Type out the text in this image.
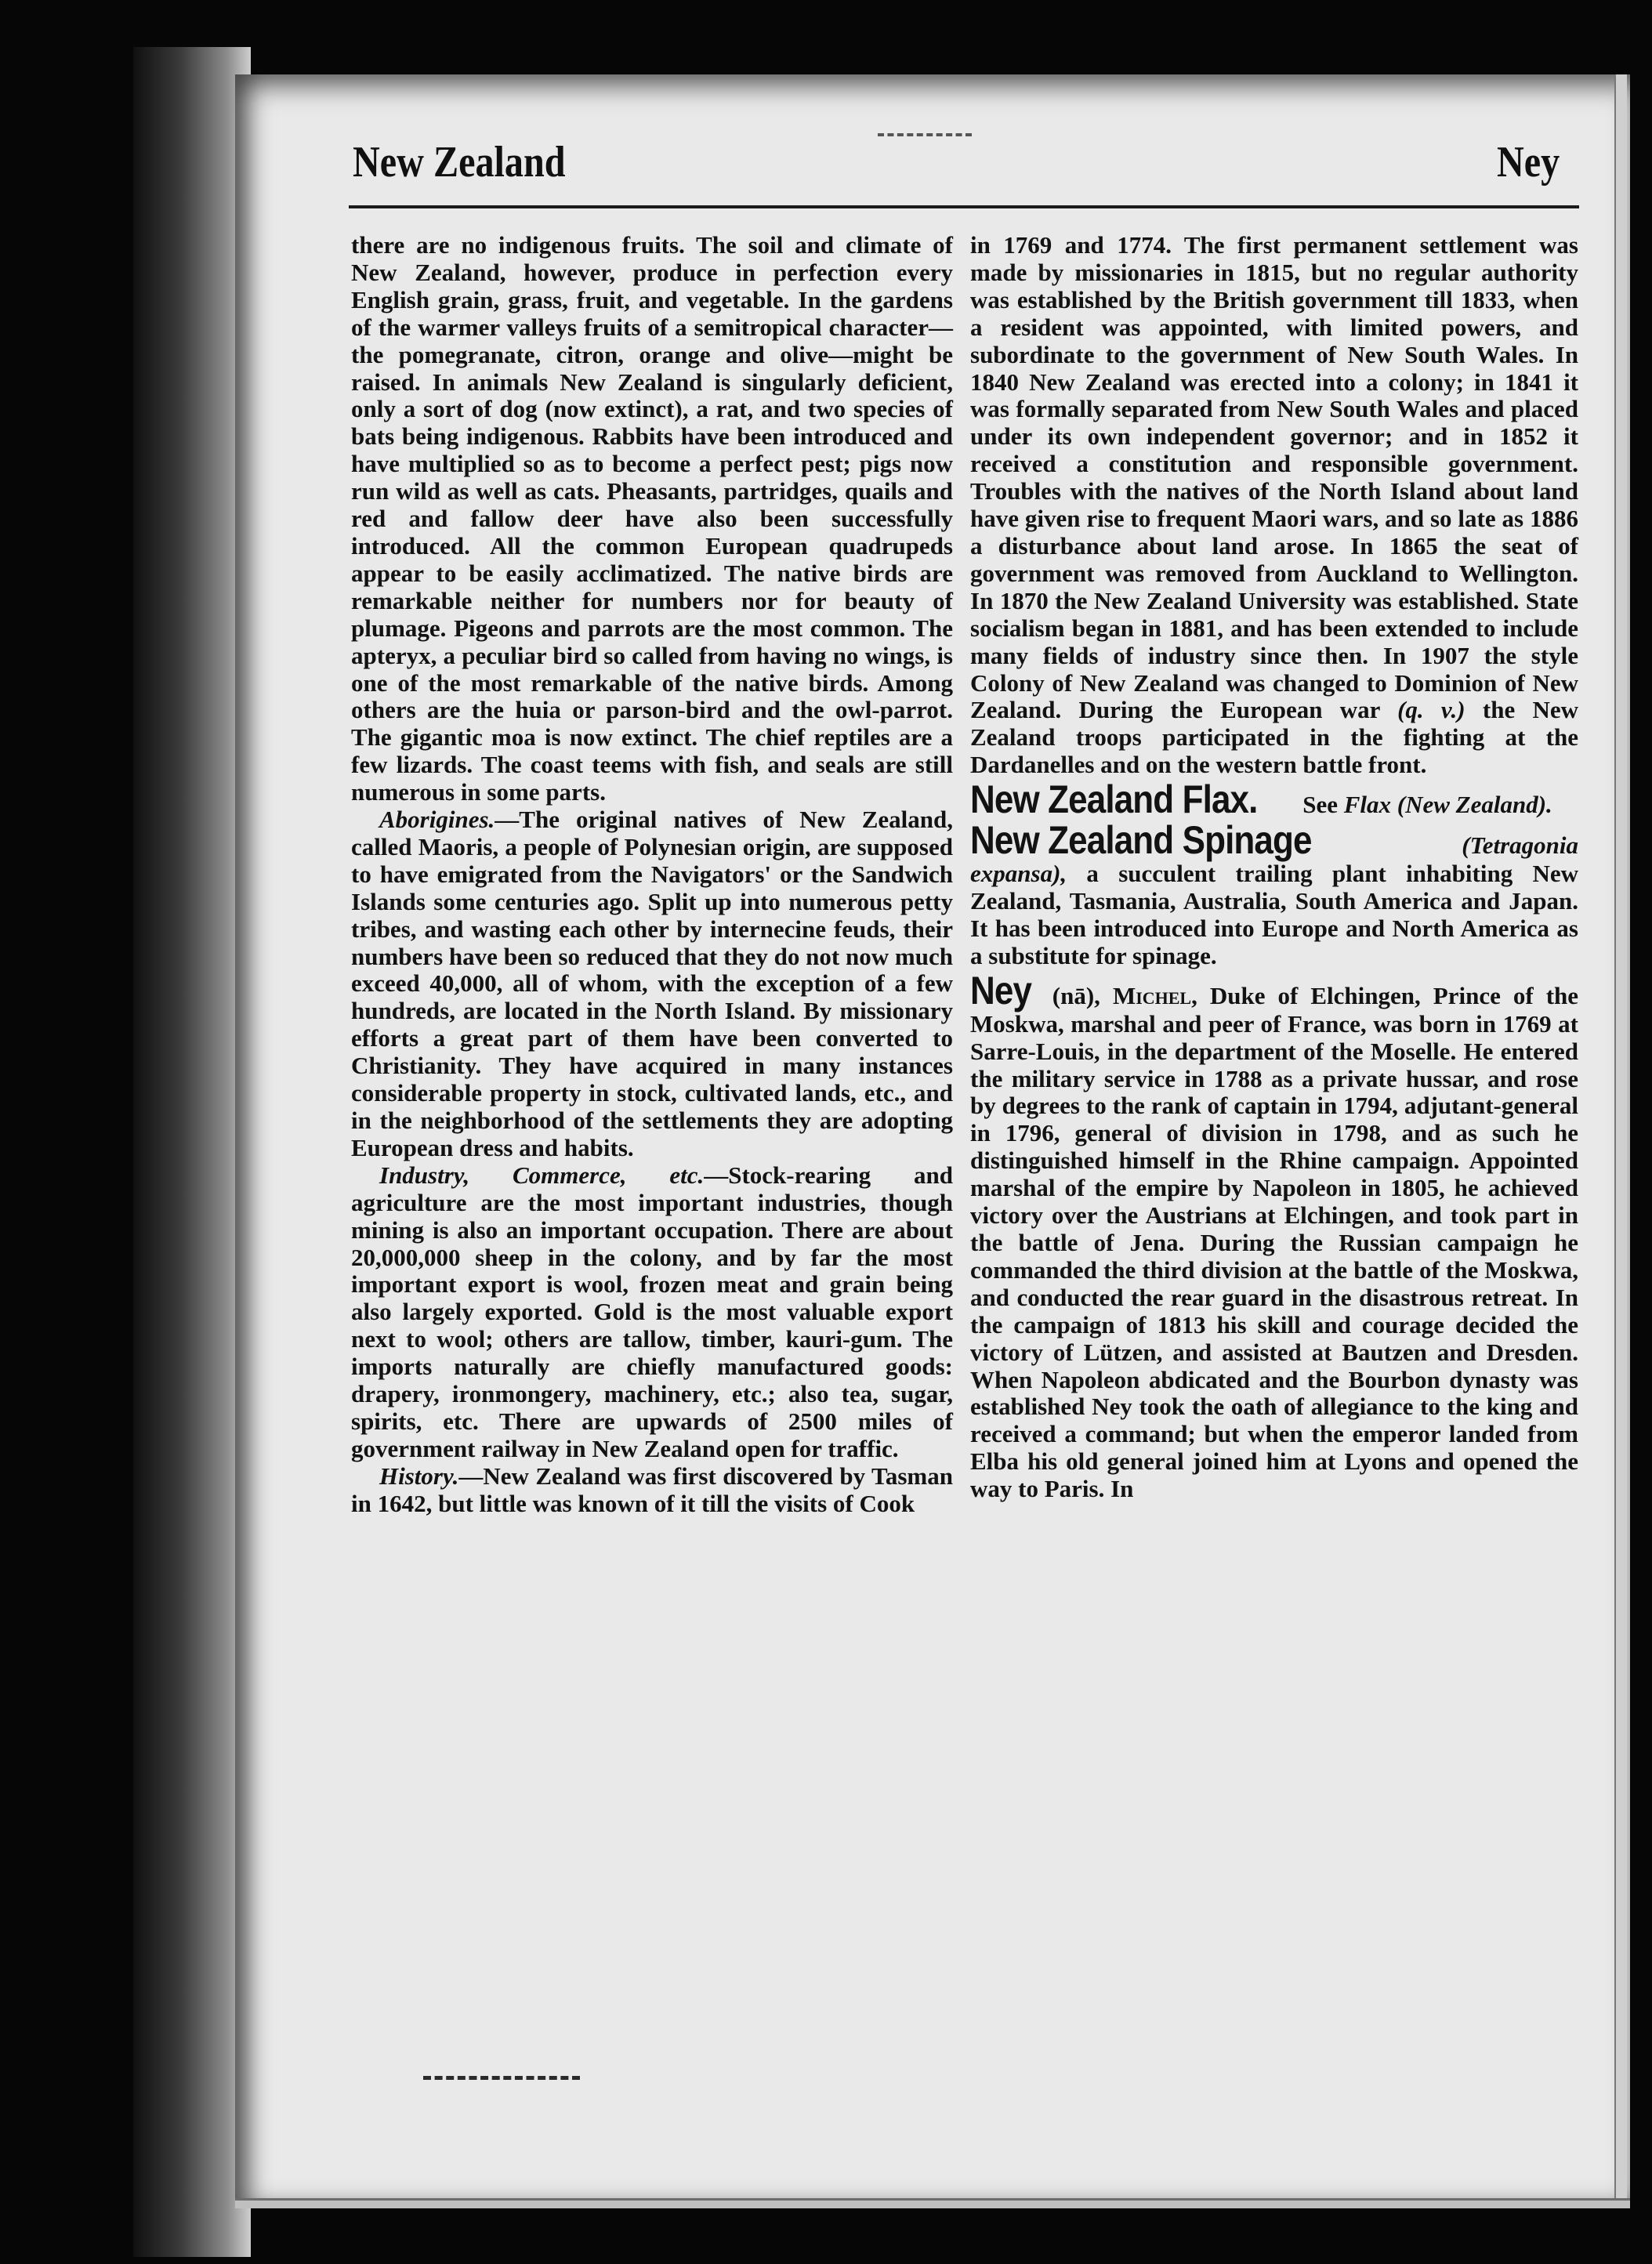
New Zealand	Ney

there are no indigenous fruits. The soil and climate of New Zealand, however, produce in perfection every English grain, grass, fruit, and vegetable. In the gardens of the warmer valleys fruits of a semitropical character—the pomegranate, citron, orange and olive—might be raised. In animals New Zealand is singularly deficient, only a sort of dog (now extinct), a rat, and two species of bats being indigenous. Rabbits have been introduced and have multiplied so as to become a perfect pest; pigs now run wild as well as cats. Pheasants, partridges, quails and red and fallow deer have also been successfully introduced. All the common European quadrupeds appear to be easily acclimatized. The native birds are remarkable neither for numbers nor for beauty of plumage. Pigeons and parrots are the most common. The apteryx, a peculiar bird so called from having no wings, is one of the most remarkable of the native birds. Among others are the huia or parson-bird and the owl-parrot. The gigantic moa is now extinct. The chief reptiles are a few lizards. The coast teems with fish, and seals are still numerous in some parts.

Aborigines.—The original natives of New Zealand, called Maoris, a people of Polynesian origin, are supposed to have emigrated from the Navigators' or the Sandwich Islands some centuries ago. Split up into numerous petty tribes, and wasting each other by internecine feuds, their numbers have been so reduced that they do not now much exceed 40,000, all of whom, with the exception of a few hundreds, are located in the North Island. By missionary efforts a great part of them have been converted to Christianity. They have acquired in many instances considerable property in stock, cultivated lands, etc., and in the neighborhood of the settlements they are adopting European dress and habits.

Industry, Commerce, etc.—Stock-rearing and agriculture are the most important industries, though mining is also an important occupation. There are about 20,000,000 sheep in the colony, and by far the most important export is wool, frozen meat and grain being also largely exported. Gold is the most valuable export next to wool; others are tallow, timber, kauri-gum. The imports naturally are chiefly manufactured goods: drapery, ironmongery, machinery, etc.; also tea, sugar, spirits, etc. There are upwards of 2500 miles of government railway in New Zealand open for traffic.

History.—New Zealand was first discovered by Tasman in 1642, but little was known of it till the visits of Cook

in 1769 and 1774. The first permanent settlement was made by missionaries in 1815, but no regular authority was established by the British government till 1833, when a resident was appointed, with limited powers, and subordinate to the government of New South Wales. In 1840 New Zealand was erected into a colony; in 1841 it was formally separated from New South Wales and placed under its own independent governor; and in 1852 it received a constitution and responsible government. Troubles with the natives of the North Island about land have given rise to frequent Maori wars, and so late as 1886 a disturbance about land arose. In 1865 the seat of government was removed from Auckland to Wellington. In 1870 the New Zealand University was established. State socialism began in 1881, and has been extended to include many fields of industry since then. In 1907 the style Colony of New Zealand was changed to Dominion of New Zealand. During the European war (q. v.) the New Zealand troops participated in the fighting at the Dardanelles and on the western battle front.

New Zealand Flax. See Flax (New Zealand).

New Zealand Spinage	(Tetragonia expansa), a succulent trailing plant inhabiting New Zealand, Tasmania, Australia, South America and Japan. It has been introduced into Europe and North America as a substitute for spinage.

Ney (nā), Michel, Duke of Elchingen, Prince of the Moskwa, marshal and peer of France, was born in 1769 at Sarre-Louis, in the department of the Moselle. He entered the military service in 1788 as a private hussar, and rose by degrees to the rank of captain in 1794, adjutant-general in 1796, general of division in 1798, and as such he distinguished himself in the Rhine campaign. Appointed marshal of the empire by Napoleon in 1805, he achieved victory over the Austrians at Elchingen, and took part in the battle of Jena. During the Russian campaign he commanded the third division at the battle of the Moskwa, and conducted the rear guard in the disastrous retreat. In the campaign of 1813 his skill and courage decided the victory of Lützen, and assisted at Bautzen and Dresden. When Napoleon abdicated and the Bourbon dynasty was established Ney took the oath of allegiance to the king and received a command; but when the emperor landed from Elba his old general joined him at Lyons and opened the way to Paris. In
